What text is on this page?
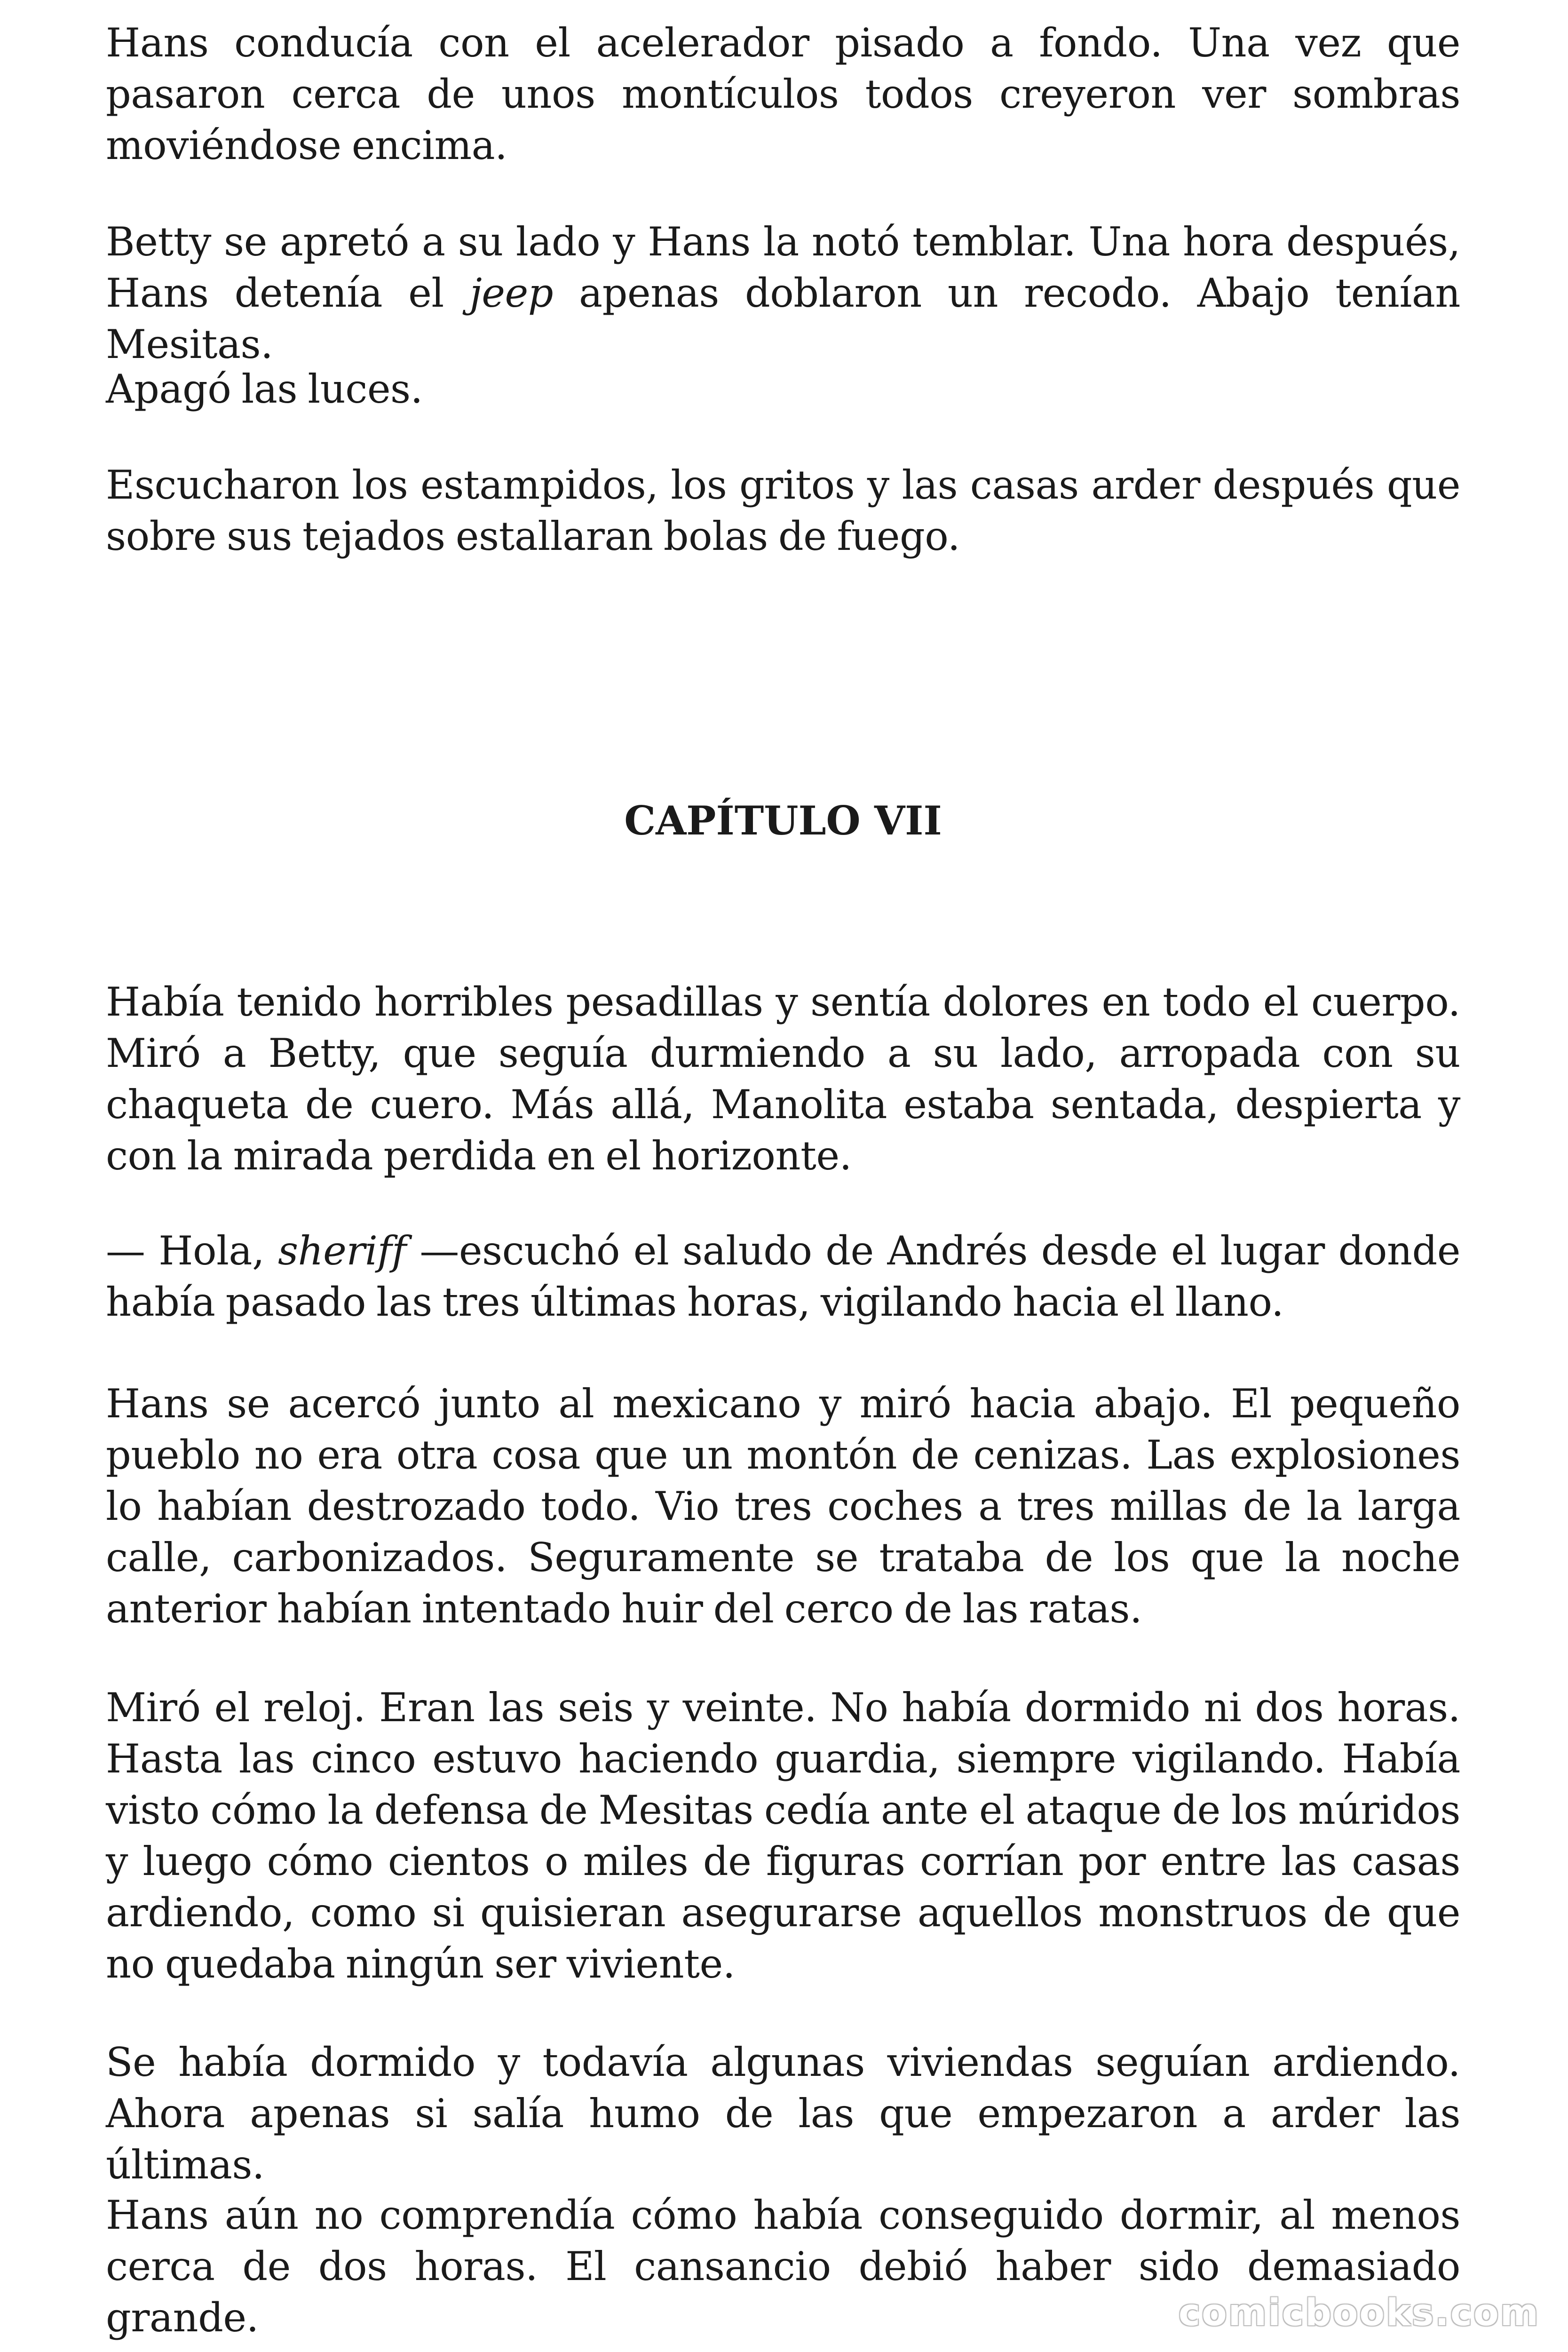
Hans conducía con el acelerador pisado a fondo. Una vez que pasaron cerca de unos montículos todos creyeron ver sombras moviéndose encima.

Betty se apretó a su lado y Hans la notó temblar. Una hora después, Hans detenía el jeep apenas doblaron un recodo. Abajo tenían Mesitas.

Apagó las luces.

Escucharon los estampidos, los gritos y las casas arder después que sobre sus tejados estallaran bolas de fuego.

CAPÍTULO VII

Había tenido horribles pesadillas y sentía dolores en todo el cuerpo. Miró a Betty, que seguía durmiendo a su lado, arropada con su chaqueta de cuero. Más allá, Manolita estaba sentada, despierta y con la mirada perdida en el horizonte.

— Hola, sheriff —escuchó el saludo de Andrés desde el lugar donde había pasado las tres últimas horas, vigilando hacia el llano.

Hans se acercó junto al mexicano y miró hacia abajo. El pequeño pueblo no era otra cosa que un montón de cenizas. Las explosiones lo habían destrozado todo. Vio tres coches a tres millas de la larga calle, carbonizados. Seguramente se trataba de los que la noche anterior habían intentado huir del cerco de las ratas.

Miró el reloj. Eran las seis y veinte. No había dormido ni dos horas. Hasta las cinco estuvo haciendo guardia, siempre vigilando. Había visto cómo la defensa de Mesitas cedía ante el ataque de los múridos y luego cómo cientos o miles de figuras corrían por entre las casas ardiendo, como si quisieran asegurarse aquellos monstruos de que no quedaba ningún ser viviente.

Se había dormido y todavía algunas viviendas seguían ardiendo. Ahora apenas si salía humo de las que empezaron a arder las últimas.

Hans aún no comprendía cómo había conseguido dormir, al menos cerca de dos horas. El cansancio debió haber sido demasiado grande.	comicbooks.com
